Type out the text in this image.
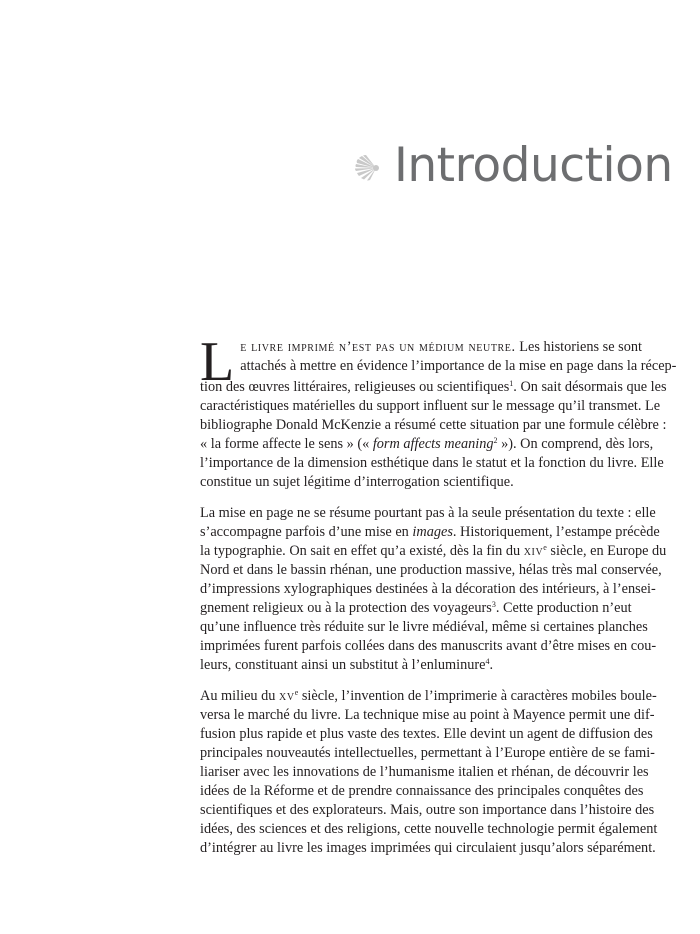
Introduction
L e livre imprimé n’est pas un médium neutre. Les historiens se sont
attachés à mettre en évidence l’importance de la mise en page dans la récep-
tion des œuvres littéraires, religieuses ou scientifiques$^1$. On sait désormais que les
caractéristiques matérielles du support influent sur le message qu’il transmet. Le
bibliographe Donald McKenzie a résumé cette situation par une formule célèbre :
« la forme affecte le sens » (« form affects meaning$^2$ »). On comprend, dès lors,
l’importance de la dimension esthétique dans le statut et la fonction du livre. Elle
constitue un sujet légitime d’interrogation scientifique.
La mise en page ne se résume pourtant pas à la seule présentation du texte : elle
s’accompagne parfois d’une mise en images. Historiquement, l’estampe précède
la typographie. On sait en effet qu’a existé, dès la fin du xiv$^e$ siècle, en Europe du
Nord et dans le bassin rhénan, une production massive, hélas très mal conservée,
d’impressions xylographiques destinées à la décoration des intérieurs, à l’ensei-
gnement religieux ou à la protection des voyageurs$^3$. Cette production n’eut
qu’une influence très réduite sur le livre médiéval, même si certaines planches
imprimées furent parfois collées dans des manuscrits avant d’être mises en cou-
leurs, constituant ainsi un substitut à l’enluminure$^4$.
Au milieu du $xv^e$ siècle, l’invention de l’imprimerie à caractères mobiles boule-
versa le marché du livre. La technique mise au point à Mayence permit une dif-
fusion plus rapide et plus vaste des textes. Elle devint un agent de diffusion des
principales nouveautés intellectuelles, permettant à l’Europe entière de se fami-
liariser avec les innovations de l’humanisme italien et rhénan, de découvrir les
idées de la Réforme et de prendre connaissance des principales conquêtes des
scientifiques et des explorateurs. Mais, outre son importance dans l’histoire des
idées, des sciences et des religions, cette nouvelle technologie permit également
d’intégrer au livre les images imprimées qui circulaient jusqu’alors séparément.
